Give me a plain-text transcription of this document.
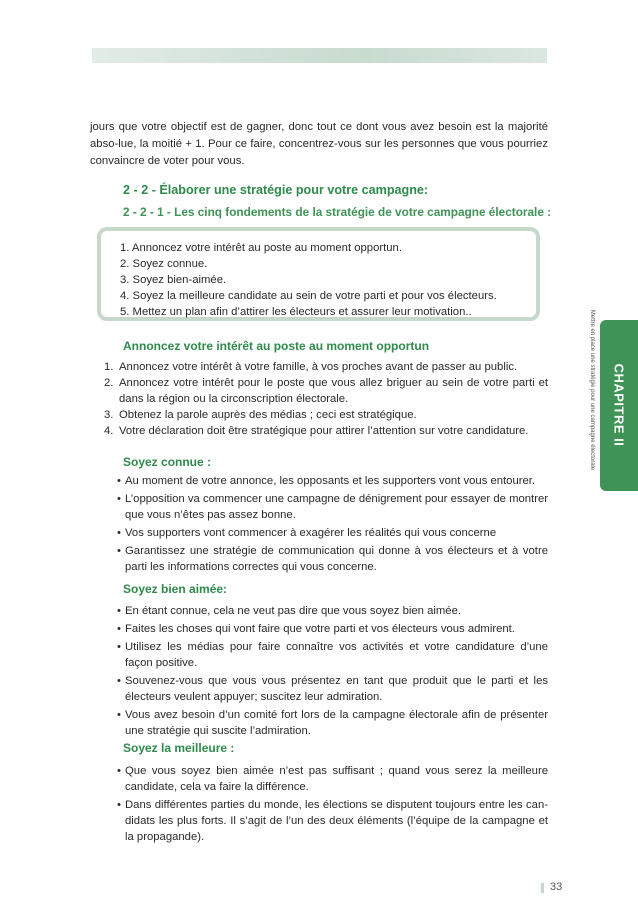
jours que votre objectif est de gagner, donc tout ce dont vous avez besoin est la majorité abso-lue, la moitié + 1. Pour ce faire, concentrez-vous sur les personnes que vous pourriez convaincre de voter pour vous.
2 - 2 - Élaborer une stratégie pour votre campagne:
2 - 2 - 1 - Les cinq fondements de la stratégie de votre campagne électorale :
1. Annoncez votre intérêt au poste au moment opportun.
2. Soyez connue.
3. Soyez bien-aimée.
4. Soyez la meilleure candidate au sein de votre parti et pour vos électeurs.
5. Mettez un plan afin d’attirer les électeurs et assurer leur motivation..
Annoncez votre intérêt au poste au moment opportun
1. Annoncez votre intérêt à votre famille, à vos proches avant de passer au public.
2. Annoncez votre intérêt pour le poste que vous allez briguer au sein de votre parti et dans la région ou la circonscription électorale.
3. Obtenez la parole auprès des médias ; ceci est stratégique.
4. Votre déclaration doit être stratégique pour attirer l’attention sur votre candidature.
Soyez connue :
• Au moment de votre annonce, les opposants et les supporters vont vous entourer.
• L’opposition va commencer une campagne de dénigrement pour essayer de montrer que vous n’êtes pas assez bonne.
• Vos supporters vont commencer à exagérer les réalités qui vous concerne
• Garantissez une stratégie de communication qui donne à vos électeurs et à votre parti les informations correctes qui vous concerne.
Soyez bien aimée:
• En étant connue, cela ne veut pas dire que vous soyez bien aimée.
• Faites les choses qui vont faire que votre parti et vos électeurs vous admirent.
• Utilisez les médias pour faire connaître vos activités et votre candidature d’une façon positive.
• Souvenez-vous que vous vous présentez en tant que produit que le parti et les électeurs veulent appuyer; suscitez leur admiration.
• Vous avez besoin d’un comité fort lors de la campagne électorale afin de présenter une stratégie qui suscite l’admiration.
Soyez la meilleure :
• Que vous soyez bien aimée n’est pas suffisant ; quand vous serez la meilleure candidate, cela va faire la différence.
• Dans différentes parties du monde, les élections se disputent toujours entre les can-didats les plus forts. Il s’agit de l’un des deux éléments (l’équipe de la campagne et la propagande).
CHAPITRE II
Mettre en place une stratégie pour une campagne électorale
33
